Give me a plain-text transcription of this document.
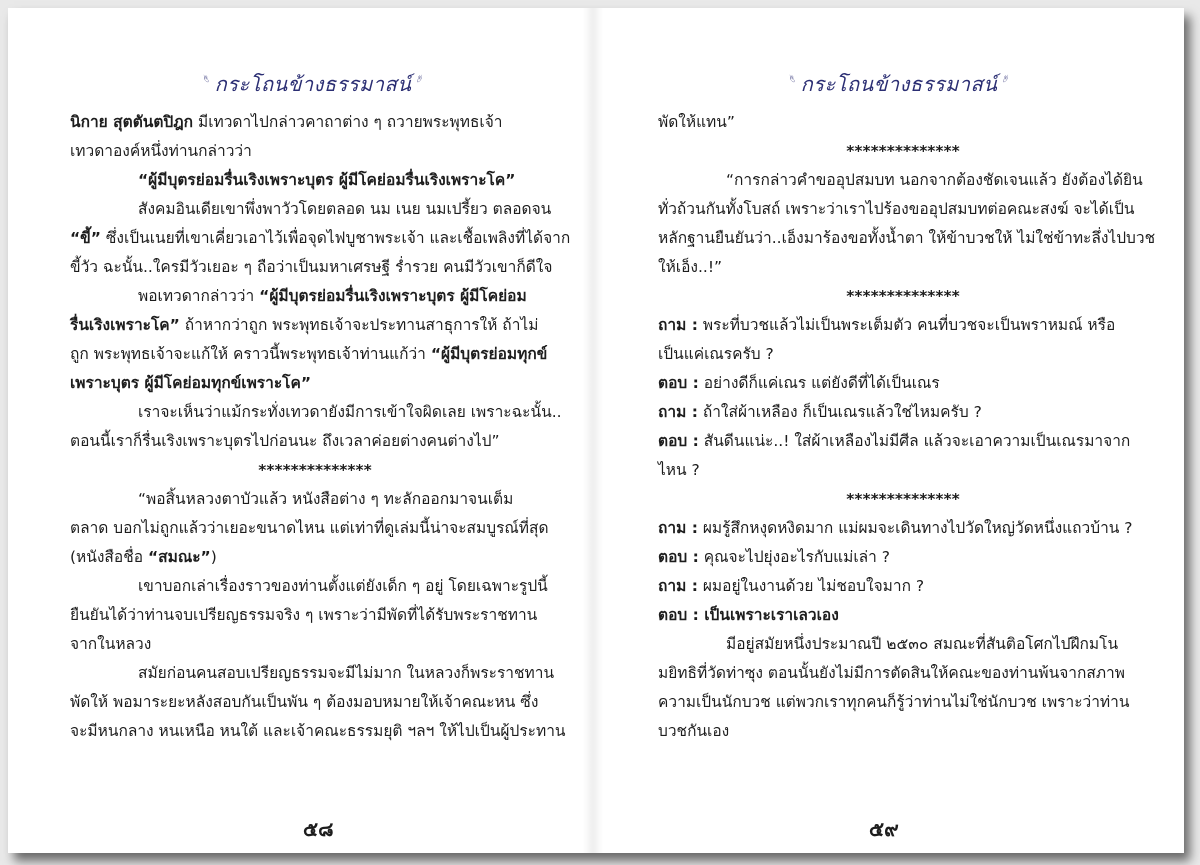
กระโถนข้างธรรมาสน์

นิกาย สุตตันตปิฎก มีเทวดาไปกล่าวคาถาต่าง ๆ ถวายพระพุทธเจ้า

เทวดาองค์หนึ่งท่านกล่าวว่า

“ผู้มีบุตรย่อมรื่นเริงเพราะบุตร ผู้มีโคย่อมรื่นเริงเพราะโค”

สังคมอินเดียเขาพึ่งพาวัวโดยตลอด นม เนย นมเปรี้ยว ตลอดจน

“ขี้” ซึ่งเป็นเนยที่เขาเคี่ยวเอาไว้เพื่อจุดไฟบูชาพระเจ้า และเชื้อเพลิงที่ได้จาก

ขี้วัว ฉะนั้น..ใครมีวัวเยอะ ๆ ถือว่าเป็นมหาเศรษฐี ร่ำรวย คนมีวัวเขาก็ดีใจ

พอเทวดากล่าวว่า “ผู้มีบุตรย่อมรื่นเริงเพราะบุตร ผู้มีโคย่อม

รื่นเริงเพราะโค” ถ้าหากว่าถูก พระพุทธเจ้าจะประทานสาธุการให้ ถ้าไม่

ถูก พระพุทธเจ้าจะแก้ให้ คราวนี้พระพุทธเจ้าท่านแก้ว่า “ผู้มีบุตรย่อมทุกข์

เพราะบุตร ผู้มีโคย่อมทุกข์เพราะโค”

เราจะเห็นว่าแม้กระทั่งเทวดายังมีการเข้าใจผิดเลย เพราะฉะนั้น..

ตอนนี้เราก็รื่นเริงเพราะบุตรไปก่อนนะ ถึงเวลาค่อยต่างคนต่างไป”

**************

“พอสิ้นหลวงตาบัวแล้ว หนังสือต่าง ๆ ทะลักออกมาจนเต็ม

ตลาด บอกไม่ถูกแล้วว่าเยอะขนาดไหน แต่เท่าที่ดูเล่มนี้น่าจะสมบูรณ์ที่สุด

(หนังสือชื่อ “สมณะ”)

เขาบอกเล่าเรื่องราวของท่านตั้งแต่ยังเด็ก ๆ อยู่ โดยเฉพาะรูปนี้

ยืนยันได้ว่าท่านจบเปรียญธรรมจริง ๆ เพราะว่ามีพัดที่ได้รับพระราชทาน

จากในหลวง

สมัยก่อนคนสอบเปรียญธรรมจะมีไม่มาก ในหลวงก็พระราชทาน

พัดให้ พอมาระยะหลังสอบกันเป็นพัน ๆ ต้องมอบหมายให้เจ้าคณะหน ซึ่ง

จะมีหนกลาง หนเหนือ หนใต้ และเจ้าคณะธรรมยุติ ฯลฯ ให้ไปเป็นผู้ประทาน

๕๘
กระโถนข้างธรรมาสน์

พัดให้แทน”

**************

“การกล่าวคำขออุปสมบท นอกจากต้องชัดเจนแล้ว ยังต้องได้ยิน

ทั่วถ้วนกันทั้งโบสถ์ เพราะว่าเราไปร้องขออุปสมบทต่อคณะสงฆ์ จะได้เป็น

หลักฐานยืนยันว่า..เอ็งมาร้องขอทั้งน้ำตา ให้ข้าบวชให้ ไม่ใช่ข้าทะลึ่งไปบวช

ให้เอ็ง..!”

**************

ถาม : พระที่บวชแล้วไม่เป็นพระเต็มตัว คนที่บวชจะเป็นพราหมณ์ หรือ

เป็นแค่เณรครับ ?

ตอบ : อย่างดีก็แค่เณร แต่ยังดีที่ได้เป็นเณร

ถาม : ถ้าใส่ผ้าเหลือง ก็เป็นเณรแล้วใช่ไหมครับ ?

ตอบ : สันดีนแน่ะ..! ใส่ผ้าเหลืองไม่มีศีล แล้วจะเอาความเป็นเณรมาจาก

ไหน ?

**************

ถาม : ผมรู้สึกหงุดหงิดมาก แม่ผมจะเดินทางไปวัดใหญ่วัดหนึ่งแถวบ้าน ?

ตอบ : คุณจะไปยุ่งอะไรกับแม่เล่า ?

ถาม : ผมอยู่ในงานด้วย ไม่ชอบใจมาก ?

ตอบ : เป็นเพราะเราเลวเอง

มีอยู่สมัยหนึ่งประมาณปี ๒๕๓๐ สมณะที่สันติอโศกไปฝึกมโน

มยิทธิที่วัดท่าซุง ตอนนั้นยังไม่มีการตัดสินให้คณะของท่านพ้นจากสภาพ

ความเป็นนักบวช แต่พวกเราทุกคนก็รู้ว่าท่านไม่ใช่นักบวช เพราะว่าท่าน

บวชกันเอง

๕๙
